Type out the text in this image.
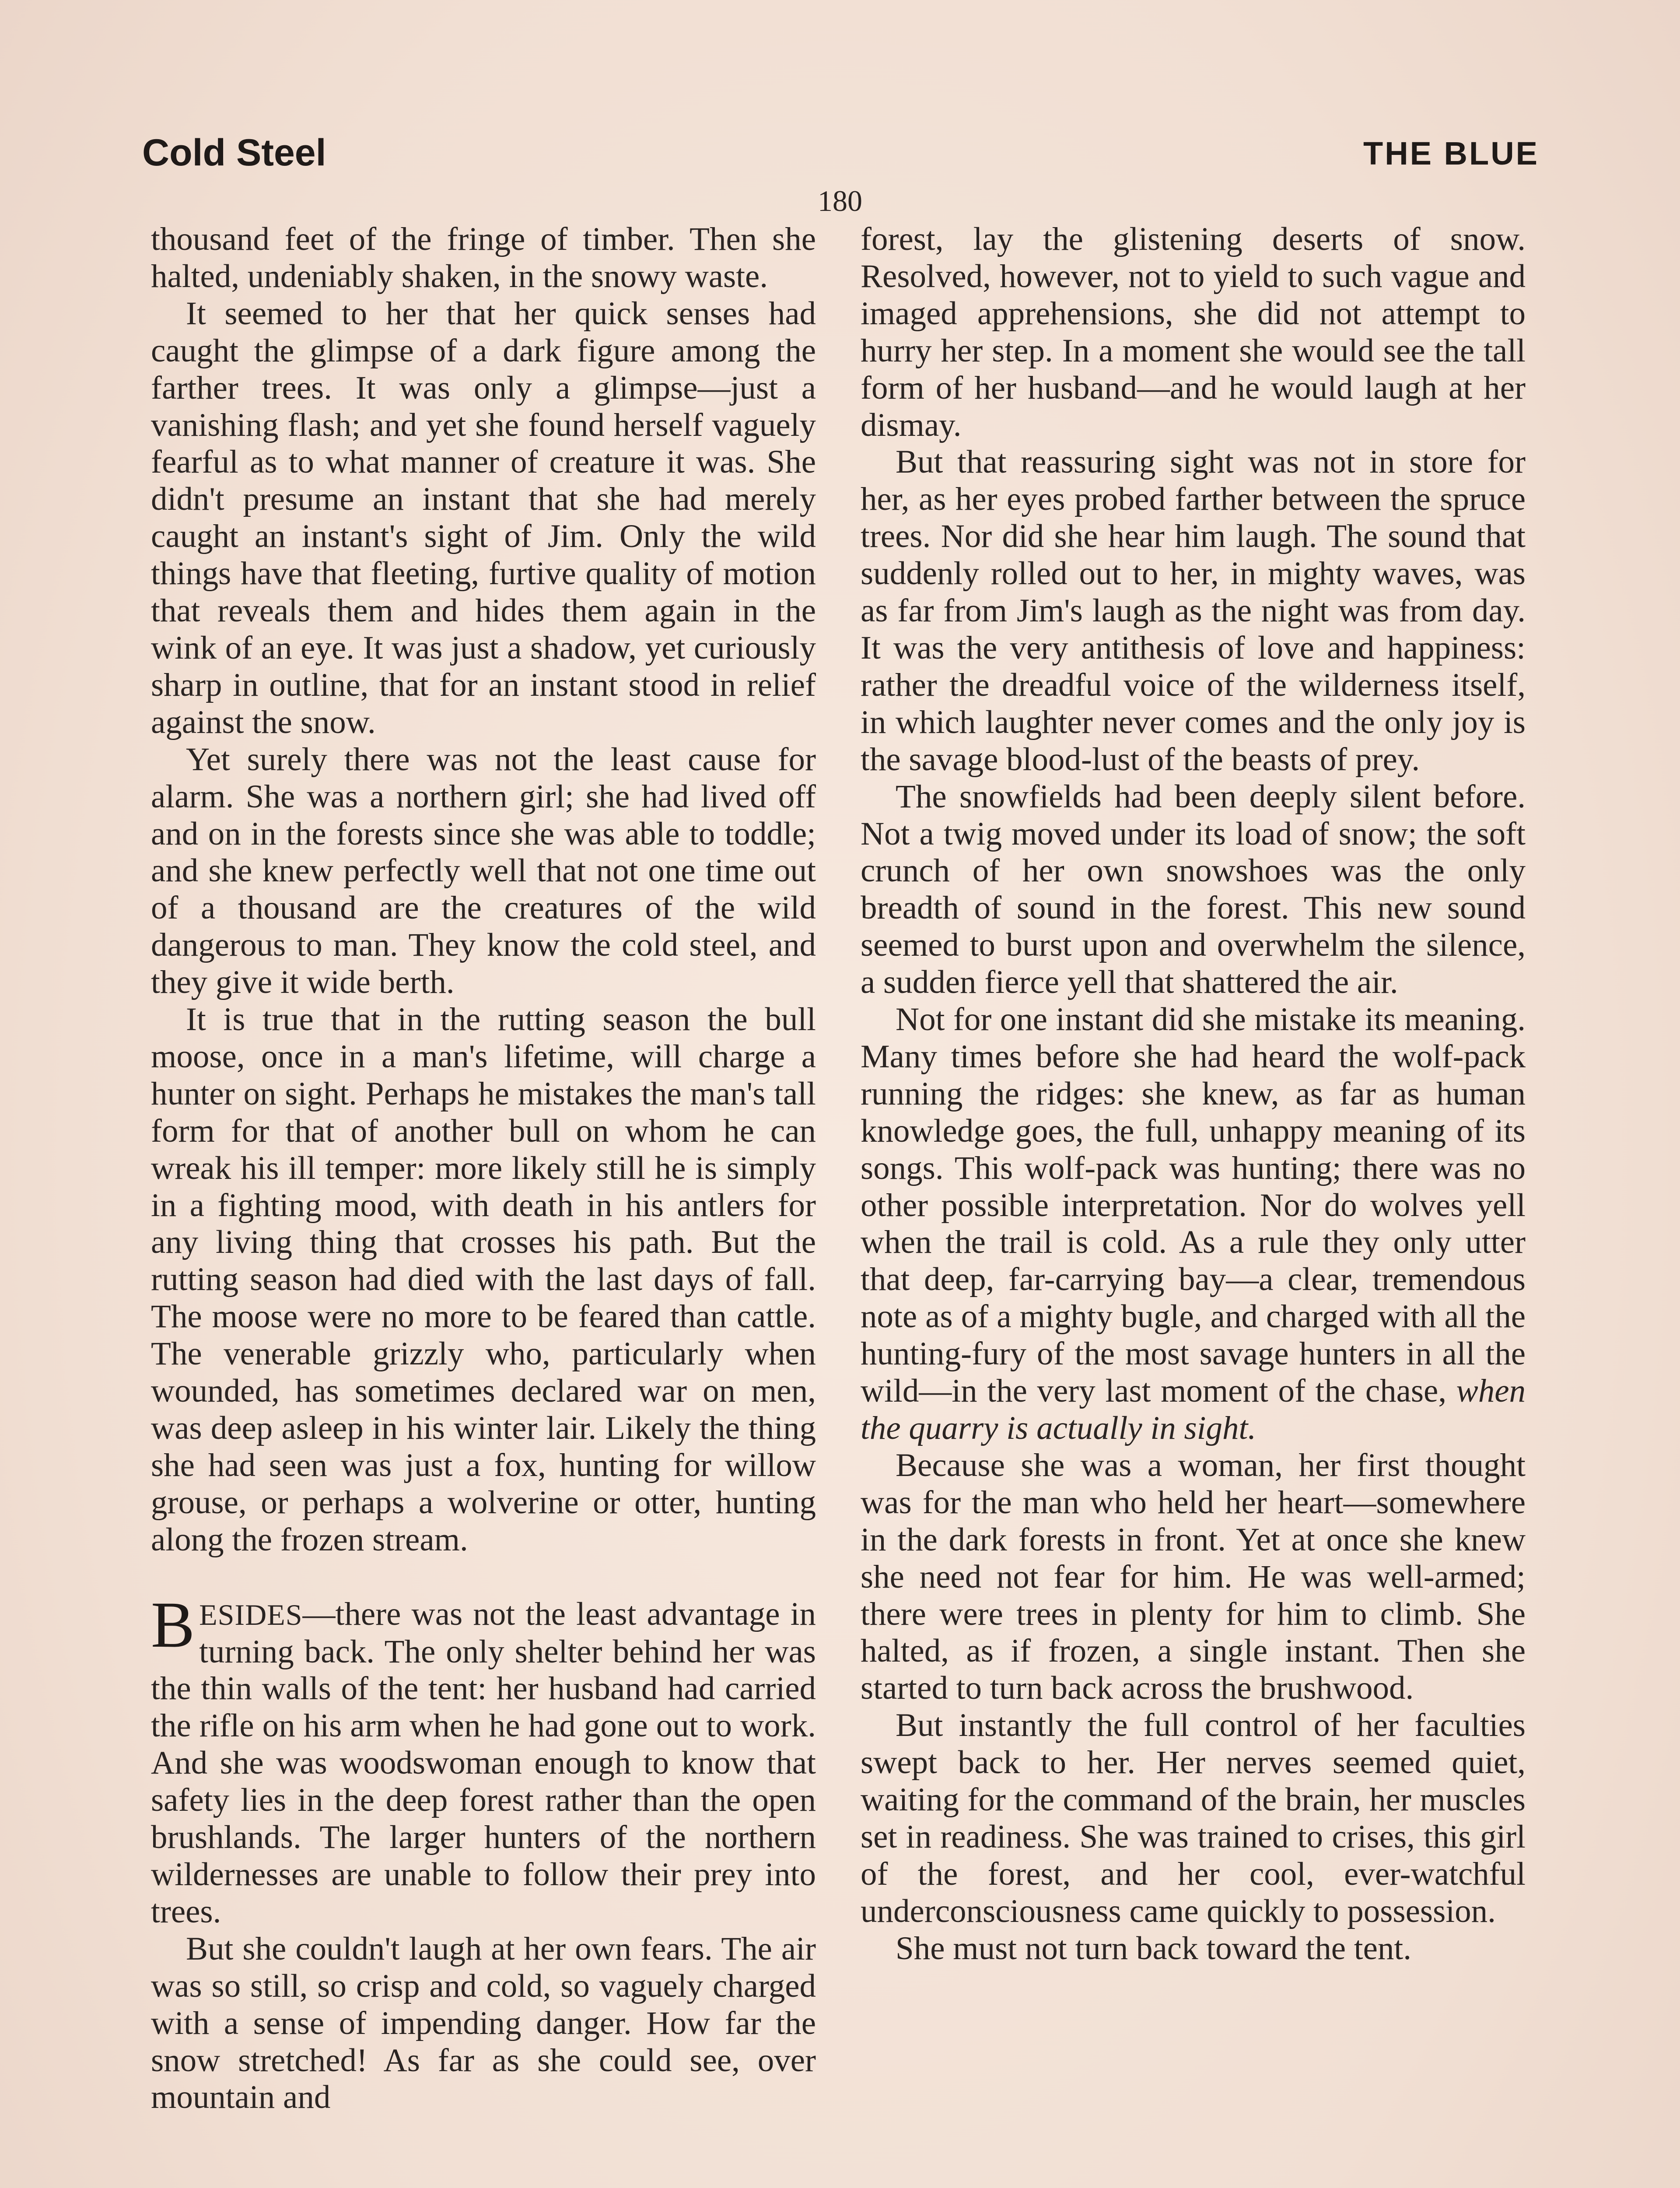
Cold Steel	THE BLUE
180

thousand feet of the fringe of timber. Then she halted, undeniably shaken, in the snowy waste.

It seemed to her that her quick senses had caught the glimpse of a dark figure among the farther trees. It was only a glimpse—just a vanishing flash; and yet she found herself vaguely fearful as to what manner of creature it was. She didn't presume an instant that she had merely caught an instant's sight of Jim. Only the wild things have that fleeting, furtive quality of motion that reveals them and hides them again in the wink of an eye. It was just a shadow, yet curiously sharp in outline, that for an instant stood in relief against the snow.

Yet surely there was not the least cause for alarm. She was a northern girl; she had lived off and on in the forests since she was able to toddle; and she knew perfectly well that not one time out of a thousand are the creatures of the wild dangerous to man. They know the cold steel, and they give it wide berth.

It is true that in the rutting season the bull moose, once in a man's lifetime, will charge a hunter on sight. Perhaps he mistakes the man's tall form for that of another bull on whom he can wreak his ill temper: more likely still he is simply in a fighting mood, with death in his antlers for any living thing that crosses his path. But the rutting season had died with the last days of fall. The moose were no more to be feared than cattle. The venerable grizzly who, particularly when wounded, has sometimes declared war on men, was deep asleep in his winter lair. Likely the thing she had seen was just a fox, hunting for willow grouse, or perhaps a wolverine or otter, hunting along the frozen stream.

BESIDES—there was not the least advantage in turning back. The only shelter behind her was the thin walls of the tent: her husband had carried the rifle on his arm when he had gone out to work. And she was woodswoman enough to know that safety lies in the deep forest rather than the open brushlands. The larger hunters of the northern wildernesses are unable to follow their prey into trees.

But she couldn't laugh at her own fears. The air was so still, so crisp and cold, so vaguely charged with a sense of impending danger. How far the snow stretched! As far as she could see, over mountain and

forest, lay the glistening deserts of snow. Resolved, however, not to yield to such vague and imaged apprehensions, she did not attempt to hurry her step. In a moment she would see the tall form of her husband—and he would laugh at her dismay.

But that reassuring sight was not in store for her, as her eyes probed farther between the spruce trees. Nor did she hear him laugh. The sound that suddenly rolled out to her, in mighty waves, was as far from Jim's laugh as the night was from day. It was the very antithesis of love and happiness: rather the dreadful voice of the wilderness itself, in which laughter never comes and the only joy is the savage blood-lust of the beasts of prey.

The snowfields had been deeply silent before. Not a twig moved under its load of snow; the soft crunch of her own snowshoes was the only breadth of sound in the forest. This new sound seemed to burst upon and overwhelm the silence, a sudden fierce yell that shattered the air.

Not for one instant did she mistake its meaning. Many times before she had heard the wolf-pack running the ridges: she knew, as far as human knowledge goes, the full, unhappy meaning of its songs. This wolf-pack was hunting; there was no other possible interpretation. Nor do wolves yell when the trail is cold. As a rule they only utter that deep, far-carrying bay—a clear, tremendous note as of a mighty bugle, and charged with all the hunting-fury of the most savage hunters in all the wild—in the very last moment of the chase, when the quarry is actually in sight.

Because she was a woman, her first thought was for the man who held her heart—somewhere in the dark forests in front. Yet at once she knew she need not fear for him. He was well-armed; there were trees in plenty for him to climb. She halted, as if frozen, a single instant. Then she started to turn back across the brushwood.

But instantly the full control of her faculties swept back to her. Her nerves seemed quiet, waiting for the command of the brain, her muscles set in readiness. She was trained to crises, this girl of the forest, and her cool, ever-watchful underconsciousness came quickly to possession.

She must not turn back toward the tent.
